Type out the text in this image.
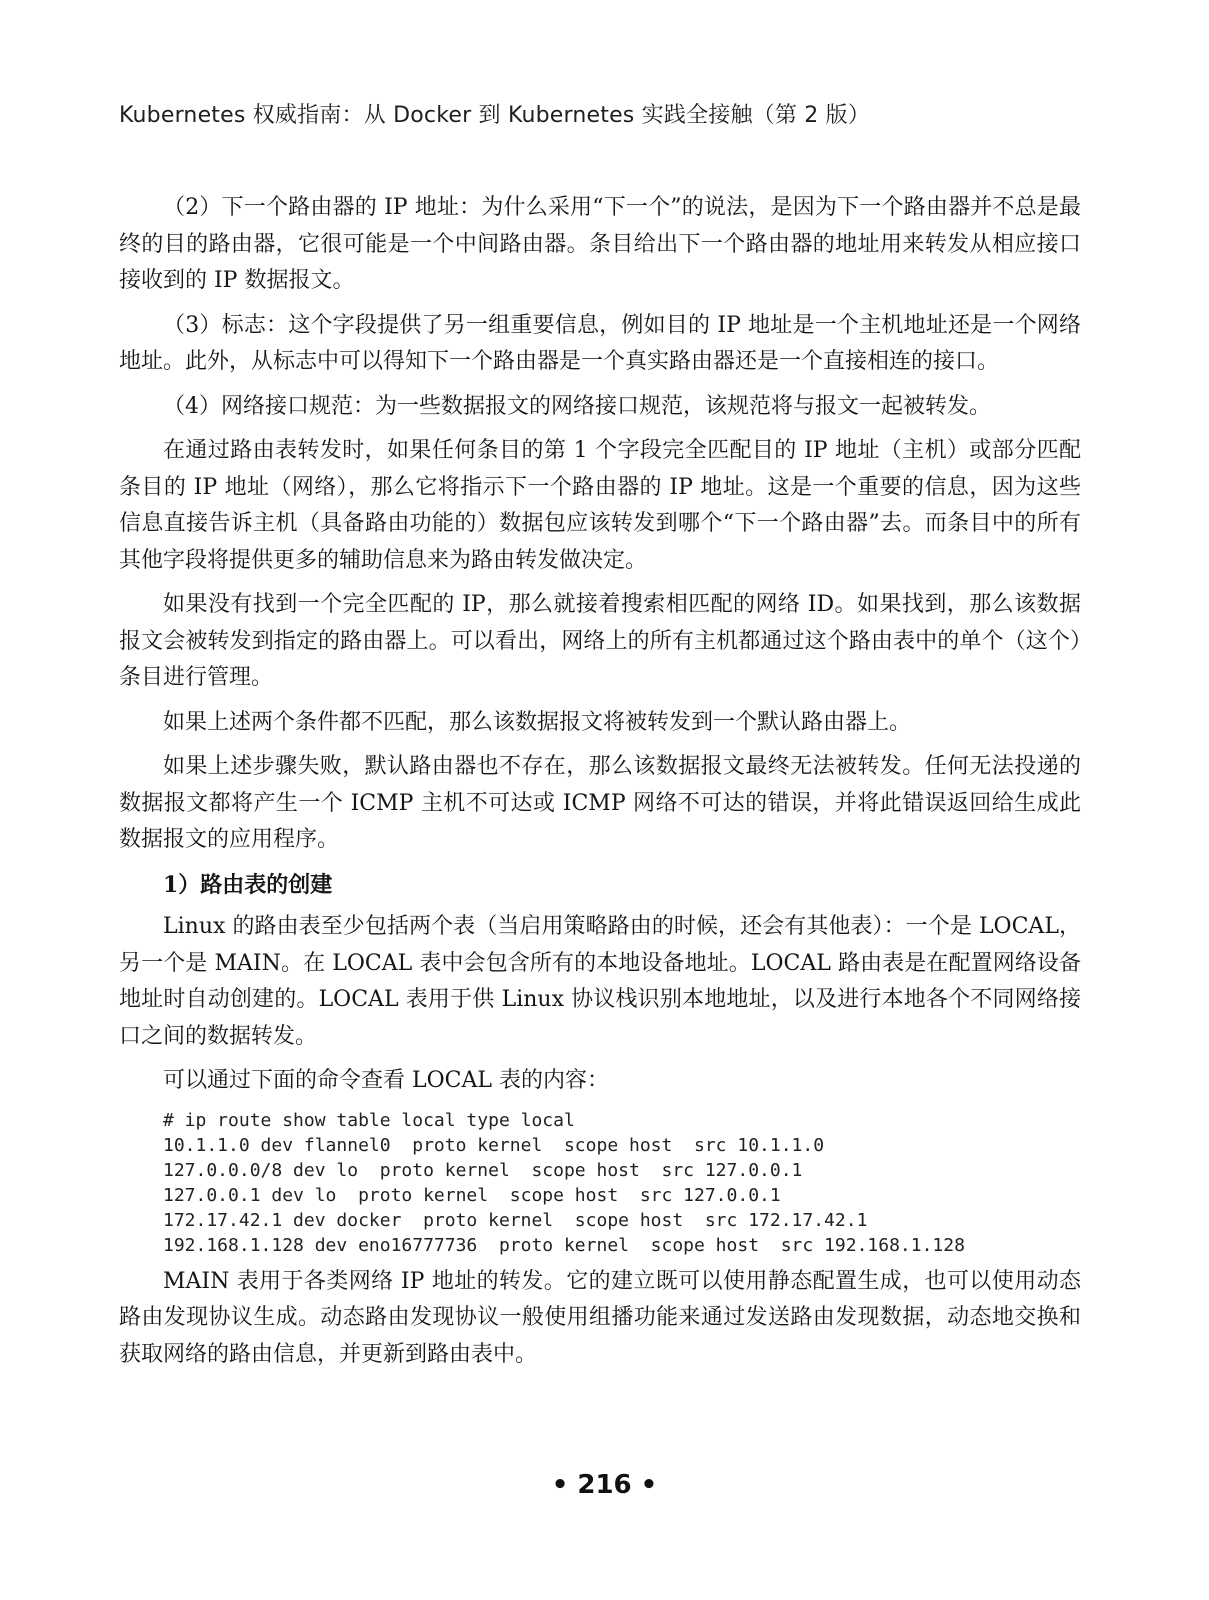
Kubernetes 权威指南：从 Docker 到 Kubernetes 实践全接触（第 2 版）

（2）下一个路由器的 IP 地址：为什么采用“下一个”的说法，是因为下一个路由器并不总是最终的目的路由器，它很可能是一个中间路由器。条目给出下一个路由器的地址用来转发从相应接口接收到的 IP 数据报文。

（3）标志：这个字段提供了另一组重要信息，例如目的 IP 地址是一个主机地址还是一个网络地址。此外，从标志中可以得知下一个路由器是一个真实路由器还是一个直接相连的接口。

（4）网络接口规范：为一些数据报文的网络接口规范，该规范将与报文一起被转发。

在通过路由表转发时，如果任何条目的第 1 个字段完全匹配目的 IP 地址（主机）或部分匹配条目的 IP 地址（网络），那么它将指示下一个路由器的 IP 地址。这是一个重要的信息，因为这些信息直接告诉主机（具备路由功能的）数据包应该转发到哪个“下一个路由器”去。而条目中的所有其他字段将提供更多的辅助信息来为路由转发做决定。

如果没有找到一个完全匹配的 IP，那么就接着搜索相匹配的网络 ID。如果找到，那么该数据报文会被转发到指定的路由器上。可以看出，网络上的所有主机都通过这个路由表中的单个（这个）条目进行管理。

如果上述两个条件都不匹配，那么该数据报文将被转发到一个默认路由器上。

如果上述步骤失败，默认路由器也不存在，那么该数据报文最终无法被转发。任何无法投递的数据报文都将产生一个 ICMP 主机不可达或 ICMP 网络不可达的错误，并将此错误返回给生成此数据报文的应用程序。

1）路由表的创建

Linux 的路由表至少包括两个表（当启用策略路由的时候，还会有其他表）：一个是 LOCAL，另一个是 MAIN。在 LOCAL 表中会包含所有的本地设备地址。LOCAL 路由表是在配置网络设备地址时自动创建的。LOCAL 表用于供 Linux 协议栈识别本地地址，以及进行本地各个不同网络接口之间的数据转发。

可以通过下面的命令查看 LOCAL 表的内容：

# ip route show table local type local
10.1.1.0 dev flannel0  proto kernel  scope host  src 10.1.1.0
127.0.0.0/8 dev lo  proto kernel  scope host  src 127.0.0.1
127.0.0.1 dev lo  proto kernel  scope host  src 127.0.0.1
172.17.42.1 dev docker  proto kernel  scope host  src 172.17.42.1
192.168.1.128 dev eno16777736  proto kernel  scope host  src 192.168.1.128

MAIN 表用于各类网络 IP 地址的转发。它的建立既可以使用静态配置生成，也可以使用动态路由发现协议生成。动态路由发现协议一般使用组播功能来通过发送路由发现数据，动态地交换和获取网络的路由信息，并更新到路由表中。

• 216 •
